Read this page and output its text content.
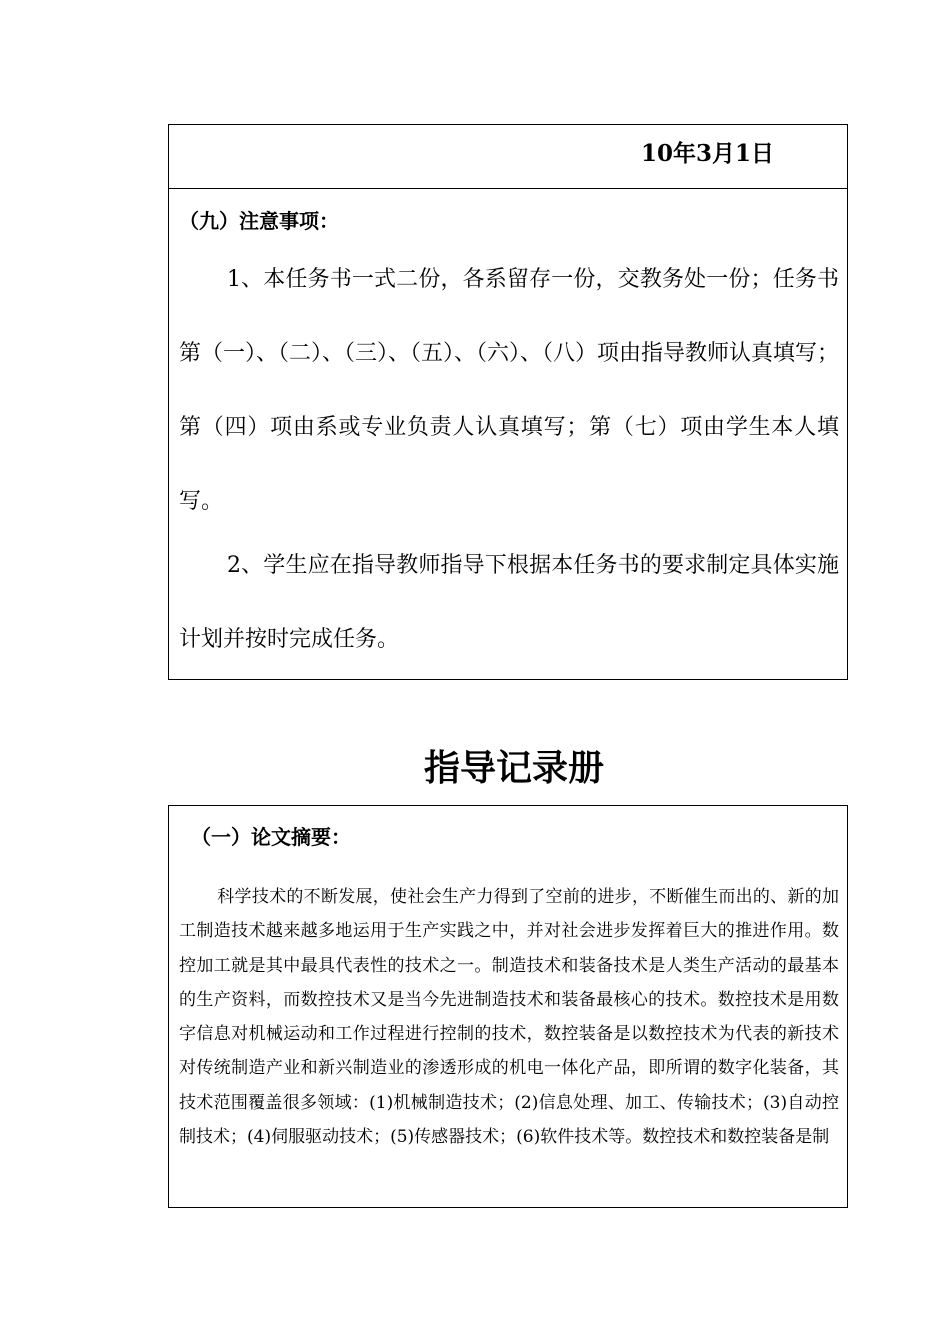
10年3月1日
（九）注意事项：
1、本任务书一式二份，各系留存一份，交教务处一份；任务书第（一）、（二）、（三）、（五）、（六）、（八）项由指导教师认真填写；第（四）项由系或专业负责人认真填写；第（七）项由学生本人填写。
2、学生应在指导教师指导下根据本任务书的要求制定具体实施计划并按时完成任务。
指导记录册
（一）论文摘要：
科学技术的不断发展，使社会生产力得到了空前的进步，不断催生而出的、新的加工制造技术越来越多地运用于生产实践之中，并对社会进步发挥着巨大的推进作用。数控加工就是其中最具代表性的技术之一。制造技术和装备技术是人类生产活动的最基本的生产资料，而数控技术又是当今先进制造技术和装备最核心的技术。数控技术是用数字信息对机械运动和工作过程进行控制的技术，数控装备是以数控技术为代表的新技术对传统制造产业和新兴制造业的渗透形成的机电一体化产品，即所谓的数字化装备，其技术范围覆盖很多领域：(1)机械制造技术；(2)信息处理、加工、传输技术；(3)自动控制技术；(4)伺服驱动技术；(5)传感器技术；(6)软件技术等。数控技术和数控装备是制
